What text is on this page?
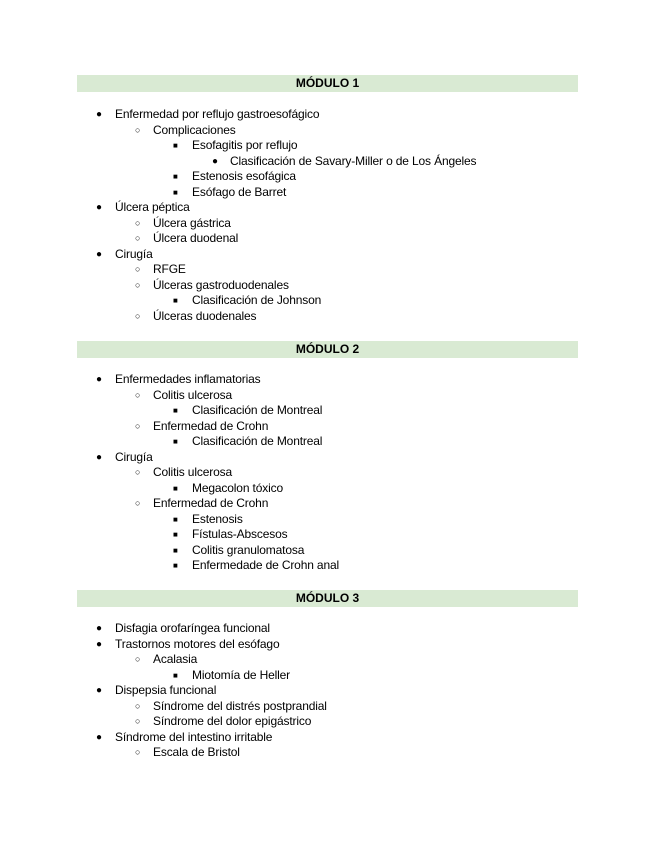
MÓDULO 1
● Enfermedad por reflujo gastroesofágico
○ Complicaciones
■ Esofagitis por reflujo
● Clasificación de Savary-Miller o de Los Ángeles
■ Estenosis esofágica
■ Esófago de Barret
● Úlcera péptica
○ Úlcera gástrica
○ Úlcera duodenal
● Cirugía
○ RFGE
○ Úlceras gastroduodenales
■ Clasificación de Johnson
○ Úlceras duodenales
MÓDULO 2
● Enfermedades inflamatorias
○ Colitis ulcerosa
■ Clasificación de Montreal
○ Enfermedad de Crohn
■ Clasificación de Montreal
● Cirugía
○ Colitis ulcerosa
■ Megacolon tóxico
○ Enfermedad de Crohn
■ Estenosis
■ Fístulas-Abscesos
■ Colitis granulomatosa
■ Enfermedade de Crohn anal
MÓDULO 3
● Disfagia orofaríngea funcional
● Trastornos motores del esófago
○ Acalasia
■ Miotomía de Heller
● Dispepsia funcional
○ Síndrome del distrés postprandial
○ Síndrome del dolor epigástrico
● Síndrome del intestino irritable
○ Escala de Bristol
